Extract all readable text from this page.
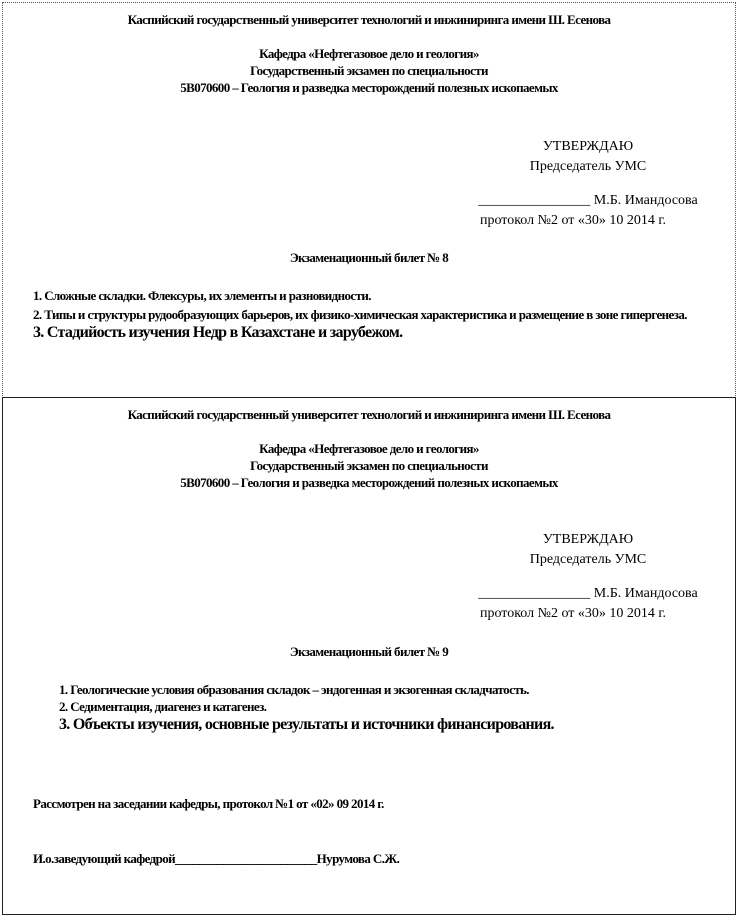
Каспийский государственный университет технологий и инжиниринга имени Ш. Есенова
Кафедра «Нефтегазовое дело и геология»
Государственный экзамен по специальности
5В070600 – Геология и разведка месторождений полезных ископаемых
УТВЕРЖДАЮ
Председатель УМС
________________ М.Б. Имандосова
протокол №2 от «30» 10 2014 г.
Экзаменационный билет № 8
1. Сложные складки. Флексуры, их элементы и разновидности.
2. Типы и структуры рудообразующих барьеров, их физико-химическая характеристика и размещение в зоне гипергенеза.
3. Стадийость изучения Недр в Казахстане и зарубежом.
Каспийский государственный университет технологий и инжиниринга имени Ш. Есенова
Кафедра «Нефтегазовое дело и геология»
Государственный экзамен по специальности
5В070600 – Геология и разведка месторождений полезных ископаемых
УТВЕРЖДАЮ
Председатель УМС
________________ М.Б. Имандосова
протокол №2 от «30» 10 2014 г.
Экзаменационный билет № 9
1. Геологические условия образования складок – эндогенная и экзогенная складчатость.
2. Седиментация, диагенез и катагенез.
3. Объекты изучения, основные результаты и источники финансирования.
Рассмотрен на заседании кафедры, протокол №1 от «02» 09 2014 г.
И.о.заведующий кафедрой________________________Нурумова С.Ж.
